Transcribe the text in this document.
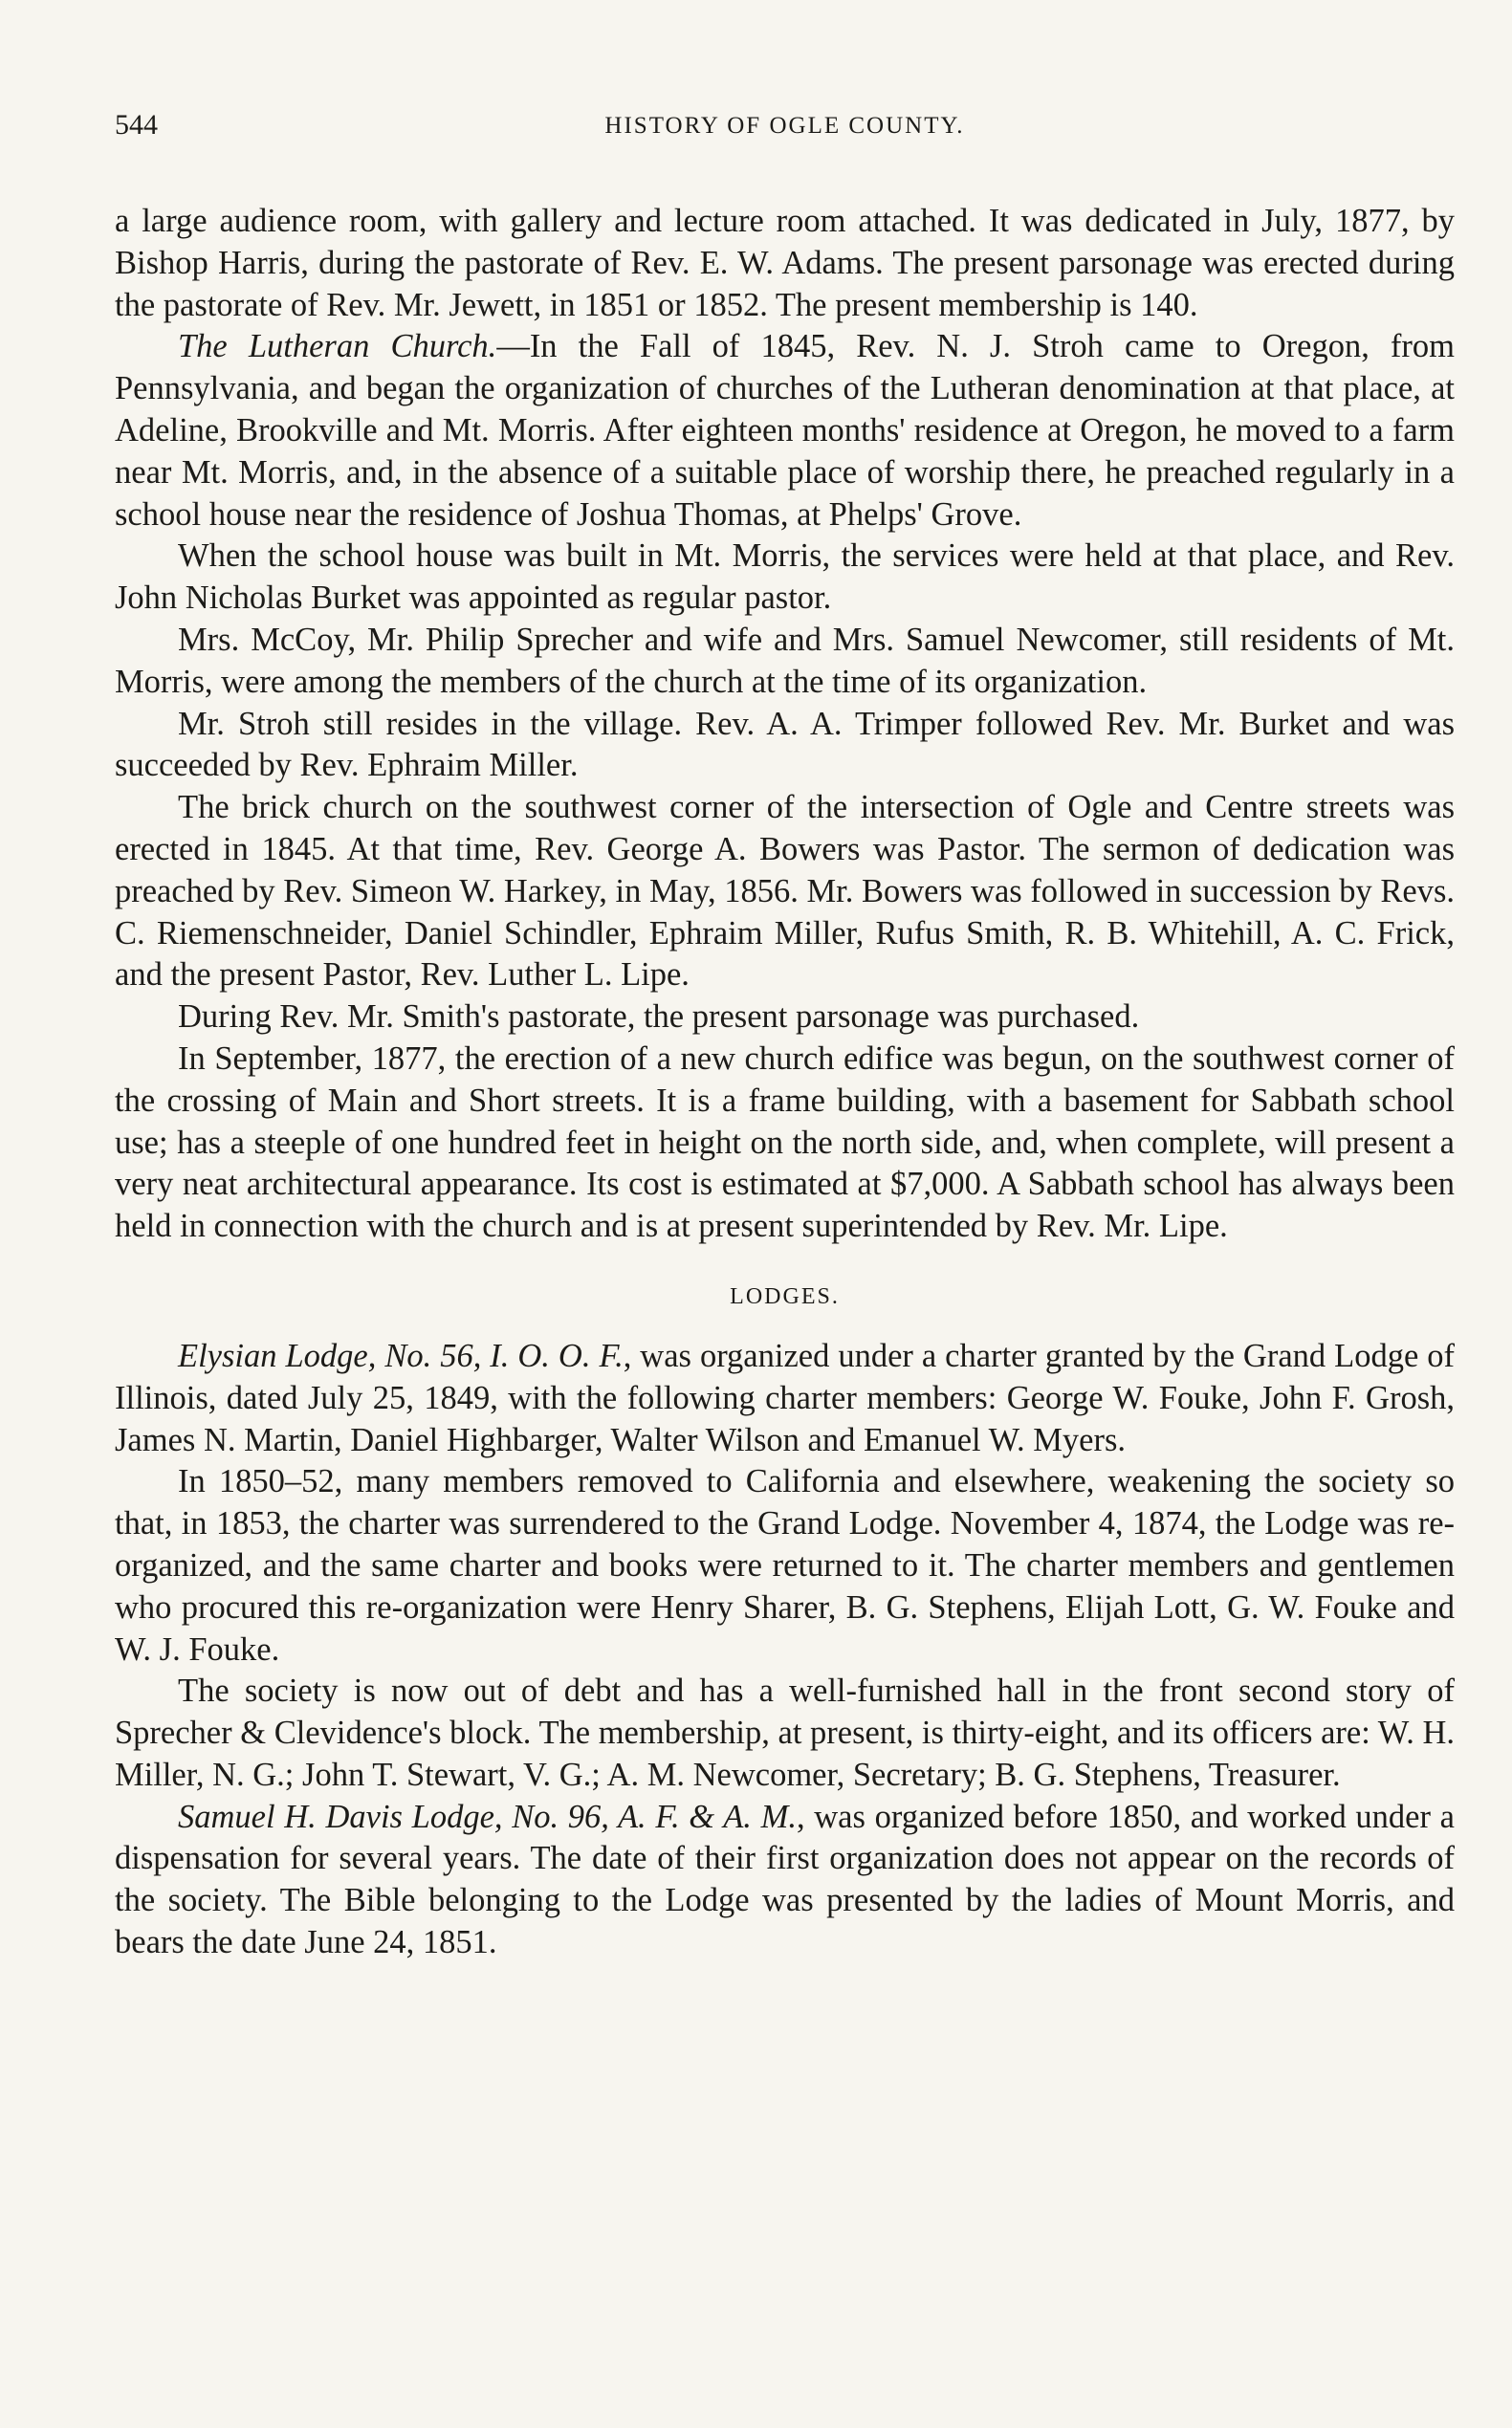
544	HISTORY OF OGLE COUNTY.

a large audience room, with gallery and lecture room attached. It was dedicated in July, 1877, by Bishop Harris, during the pastorate of Rev. E. W. Adams. The present parsonage was erected during the pastorate of Rev. Mr. Jewett, in 1851 or 1852. The present membership is 140.

The Lutheran Church.—In the Fall of 1845, Rev. N. J. Stroh came to Oregon, from Pennsylvania, and began the organization of churches of the Lutheran denomination at that place, at Adeline, Brookville and Mt. Morris. After eighteen months' residence at Oregon, he moved to a farm near Mt. Morris, and, in the absence of a suitable place of worship there, he preached regularly in a school house near the residence of Joshua Thomas, at Phelps' Grove.

When the school house was built in Mt. Morris, the services were held at that place, and Rev. John Nicholas Burket was appointed as regular pastor.

Mrs. McCoy, Mr. Philip Sprecher and wife and Mrs. Samuel Newcomer, still residents of Mt. Morris, were among the members of the church at the time of its organization.

Mr. Stroh still resides in the village. Rev. A. A. Trimper followed Rev. Mr. Burket and was succeeded by Rev. Ephraim Miller.

The brick church on the southwest corner of the intersection of Ogle and Centre streets was erected in 1845. At that time, Rev. George A. Bowers was Pastor. The sermon of dedication was preached by Rev. Simeon W. Harkey, in May, 1856. Mr. Bowers was followed in succession by Revs. C. Riemenschneider, Daniel Schindler, Ephraim Miller, Rufus Smith, R. B. Whitehill, A. C. Frick, and the present Pastor, Rev. Luther L. Lipe.

During Rev. Mr. Smith's pastorate, the present parsonage was purchased.

In September, 1877, the erection of a new church edifice was begun, on the southwest corner of the crossing of Main and Short streets. It is a frame building, with a basement for Sabbath school use; has a steeple of one hundred feet in height on the north side, and, when complete, will present a very neat architectural appearance. Its cost is estimated at $7,000. A Sabbath school has always been held in connection with the church and is at present superintended by Rev. Mr. Lipe.

LODGES.

Elysian Lodge, No. 56, I. O. O. F., was organized under a charter granted by the Grand Lodge of Illinois, dated July 25, 1849, with the following charter members: George W. Fouke, John F. Grosh, James N. Martin, Daniel Highbarger, Walter Wilson and Emanuel W. Myers.

In 1850–52, many members removed to California and elsewhere, weakening the society so that, in 1853, the charter was surrendered to the Grand Lodge. November 4, 1874, the Lodge was re-organized, and the same charter and books were returned to it. The charter members and gentlemen who procured this re-organization were Henry Sharer, B. G. Stephens, Elijah Lott, G. W. Fouke and W. J. Fouke.

The society is now out of debt and has a well-furnished hall in the front second story of Sprecher & Clevidence's block. The membership, at present, is thirty-eight, and its officers are: W. H. Miller, N. G.; John T. Stewart, V. G.; A. M. Newcomer, Secretary; B. G. Stephens, Treasurer.

Samuel H. Davis Lodge, No. 96, A. F. & A. M., was organized before 1850, and worked under a dispensation for several years. The date of their first organization does not appear on the records of the society. The Bible belonging to the Lodge was presented by the ladies of Mount Morris, and bears the date June 24, 1851.
